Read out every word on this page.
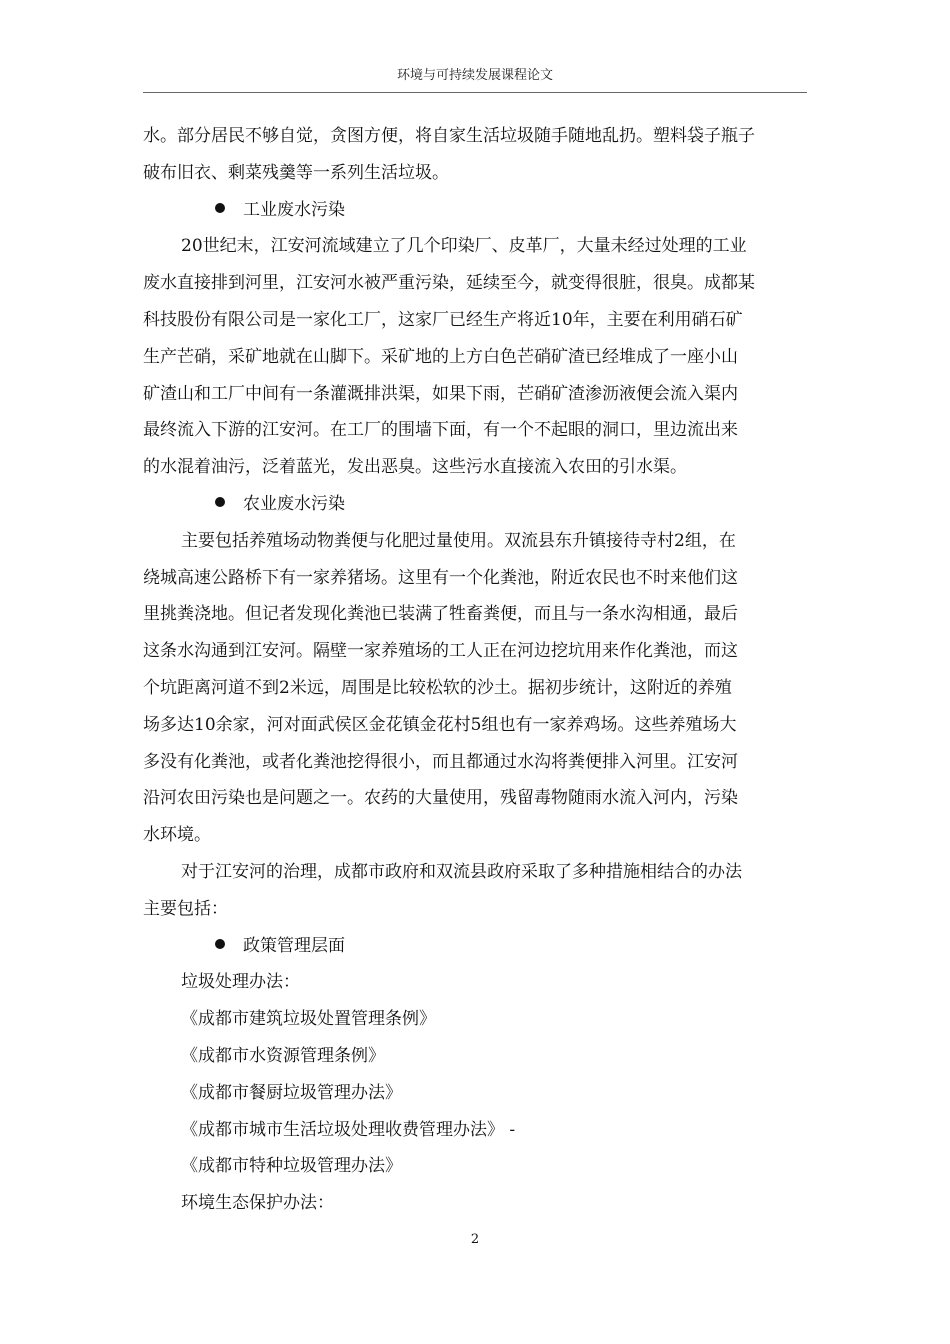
环境与可持续发展课程论文
水。部分居民不够自觉，贪图方便，将自家生活垃圾随手随地乱扔。塑料袋子瓶子
破布旧衣、剩菜残羹等一系列生活垃圾。
工业废水污染
20世纪末，江安河流域建立了几个印染厂、皮革厂，大量未经过处理的工业
废水直接排到河里，江安河水被严重污染，延续至今，就变得很脏，很臭。成都某
科技股份有限公司是一家化工厂，这家厂已经生产将近10年，主要在利用硝石矿
生产芒硝，采矿地就在山脚下。采矿地的上方白色芒硝矿渣已经堆成了一座小山
矿渣山和工厂中间有一条灌溉排洪渠，如果下雨，芒硝矿渣渗沥液便会流入渠内
最终流入下游的江安河。在工厂的围墙下面，有一个不起眼的洞口，里边流出来
的水混着油污，泛着蓝光，发出恶臭。这些污水直接流入农田的引水渠。
农业废水污染
主要包括养殖场动物粪便与化肥过量使用。双流县东升镇接待寺村2组，在
绕城高速公路桥下有一家养猪场。这里有一个化粪池，附近农民也不时来他们这
里挑粪浇地。但记者发现化粪池已装满了牲畜粪便，而且与一条水沟相通，最后
这条水沟通到江安河。隔壁一家养殖场的工人正在河边挖坑用来作化粪池，而这
个坑距离河道不到2米远，周围是比较松软的沙土。据初步统计，这附近的养殖
场多达10余家，河对面武侯区金花镇金花村5组也有一家养鸡场。这些养殖场大
多没有化粪池，或者化粪池挖得很小，而且都通过水沟将粪便排入河里。江安河
沿河农田污染也是问题之一。农药的大量使用，残留毒物随雨水流入河内，污染
水环境。
对于江安河的治理，成都市政府和双流县政府采取了多种措施相结合的办法
主要包括：
政策管理层面
垃圾处理办法：
《成都市建筑垃圾处置管理条例》
《成都市水资源管理条例》
《成都市餐厨垃圾管理办法》
《成都市城市生活垃圾处理收费管理办法》 -
《成都市特种垃圾管理办法》
环境生态保护办法：
2
